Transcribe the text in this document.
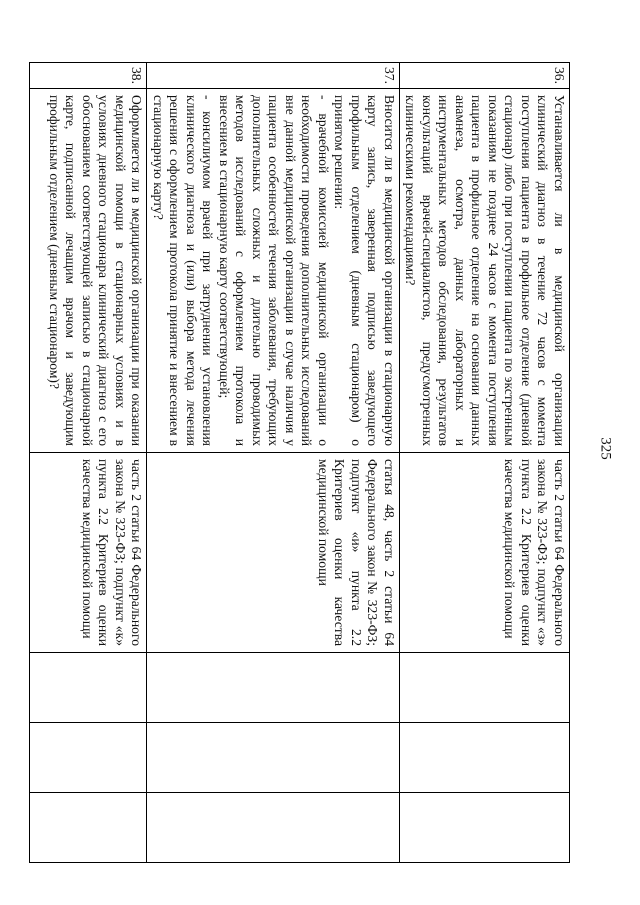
325
36.	Устанавливается ли в медицинской организации клинический диагноз в течение 72 часов с момента поступления пациента в профильное отделение (дневной стационар) либо при поступлении пациента по экстренным показаниям не позднее 24 часов с момента поступления пациента в профильное отделение на основании данных анамнеза, осмотра, данных лабораторных и инструментальных методов обследования, результатов консультаций врачей-специалистов, предусмотренных клиническими рекомендациями?	часть 2 статьи 64 Федерального закона № 323-ФЗ; подпункт «з» пункта 2.2 Критериев оценки качества медицинской помощи			
37.	Вносится ли в медицинской организации в стационарную карту запись, заверенная подписью заведующего профильным отделением (дневным стационаром) о принятом решении:
- врачебной комиссией медицинской организации о необходимости проведения дополнительных исследований вне данной медицинской организации в случае наличия у пациента особенностей течения заболевания, требующих дополнительных сложных и длительно проводимых методов исследований с оформлением протокола и внесением в стационарную карту соответствующей;
- консилиумом врачей при затруднении установления клинического диагноза и (или) выбора метода лечения решения с оформлением протокола принятие и внесением в стационарную карту?	статья 48, часть 2 статьи 64 Федерального закон № 323-ФЗ; подпункт «и» пункта 2.2 Критериев оценки качества медицинской помощи			
38.	Оформляется ли в медицинской организации при оказании медицинской помощи в стационарных условиях и в условиях дневного стационара клинический диагноз с его обоснованием соответствующей записью в стационарной карте, подписанной лечащим врачом и заведующим профильным отделением (дневным стационаром)?	часть 2 статьи 64 Федерального закона № 323-ФЗ; подпункт «к» пункта 2.2 Критериев оценки качества медицинской помощи			
